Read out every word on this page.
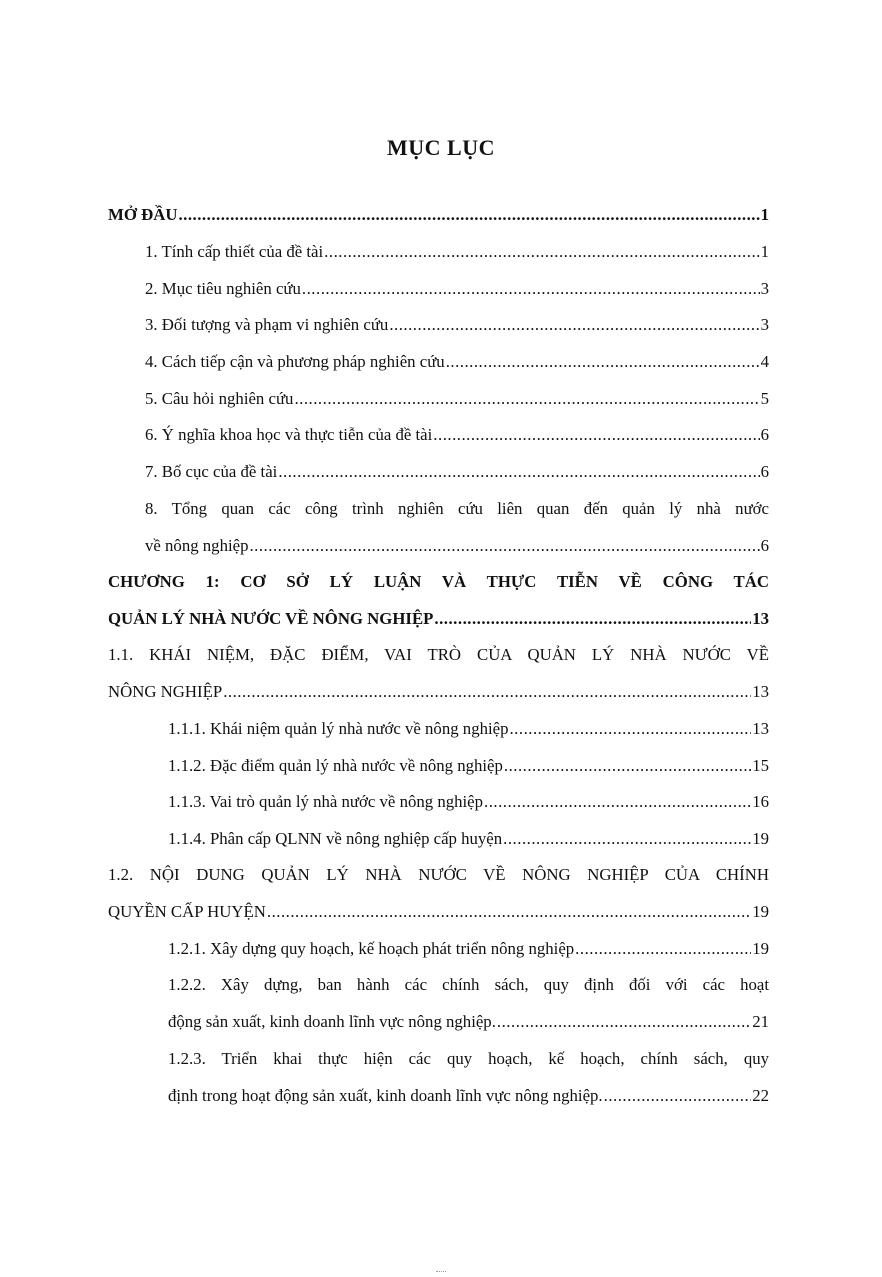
MỤC LỤC
MỞ ĐẦU .....	1
1. Tính cấp thiết của đề tài .....	1
2. Mục tiêu nghiên cứu .....	3
3. Đối tượng và phạm vi nghiên cứu .....	3
4. Cách tiếp cận và phương pháp nghiên cứu .....	4
5. Câu hỏi nghiên cứu .....	5
6. Ý nghĩa khoa học và thực tiễn của đề tài .....	6
7. Bố cục của đề tài .....	6
8. Tổng quan các công trình nghiên cứu liên quan đến quản lý nhà nước
về nông nghiệp .....	6
CHƯƠNG 1: CƠ SỞ LÝ LUẬN VÀ THỰC TIỄN VỀ CÔNG TÁC
QUẢN LÝ NHÀ NƯỚC VỀ NÔNG NGHIỆP .....	13
1.1. KHÁI NIỆM, ĐẶC ĐIỂM, VAI TRÒ CỦA QUẢN LÝ NHÀ NƯỚC VỀ
NÔNG NGHIỆP .....	13
1.1.1. Khái niệm quản lý nhà nước về nông nghiệp .....	13
1.1.2. Đặc điểm quản lý nhà nước về nông nghiệp .....	15
1.1.3. Vai trò quản lý nhà nước về nông nghiệp .....	16
1.1.4. Phân cấp QLNN về nông nghiệp cấp huyện .....	19
1.2. NỘI DUNG QUẢN LÝ NHÀ NƯỚC VỀ NÔNG NGHIỆP CỦA CHÍNH
QUYỀN CẤP HUYỆN .....	19
1.2.1. Xây dựng quy hoạch, kế hoạch phát triển nông nghiệp .....	19
1.2.2. Xây dựng, ban hành các chính sách, quy định đối với các hoạt
động sản xuất, kinh doanh lĩnh vực nông nghiệp. .....	21
1.2.3. Triển khai thực hiện các quy hoạch, kế hoạch, chính sách, quy
định trong hoạt động sản xuất, kinh doanh lĩnh vực nông nghiệp. .....	22
